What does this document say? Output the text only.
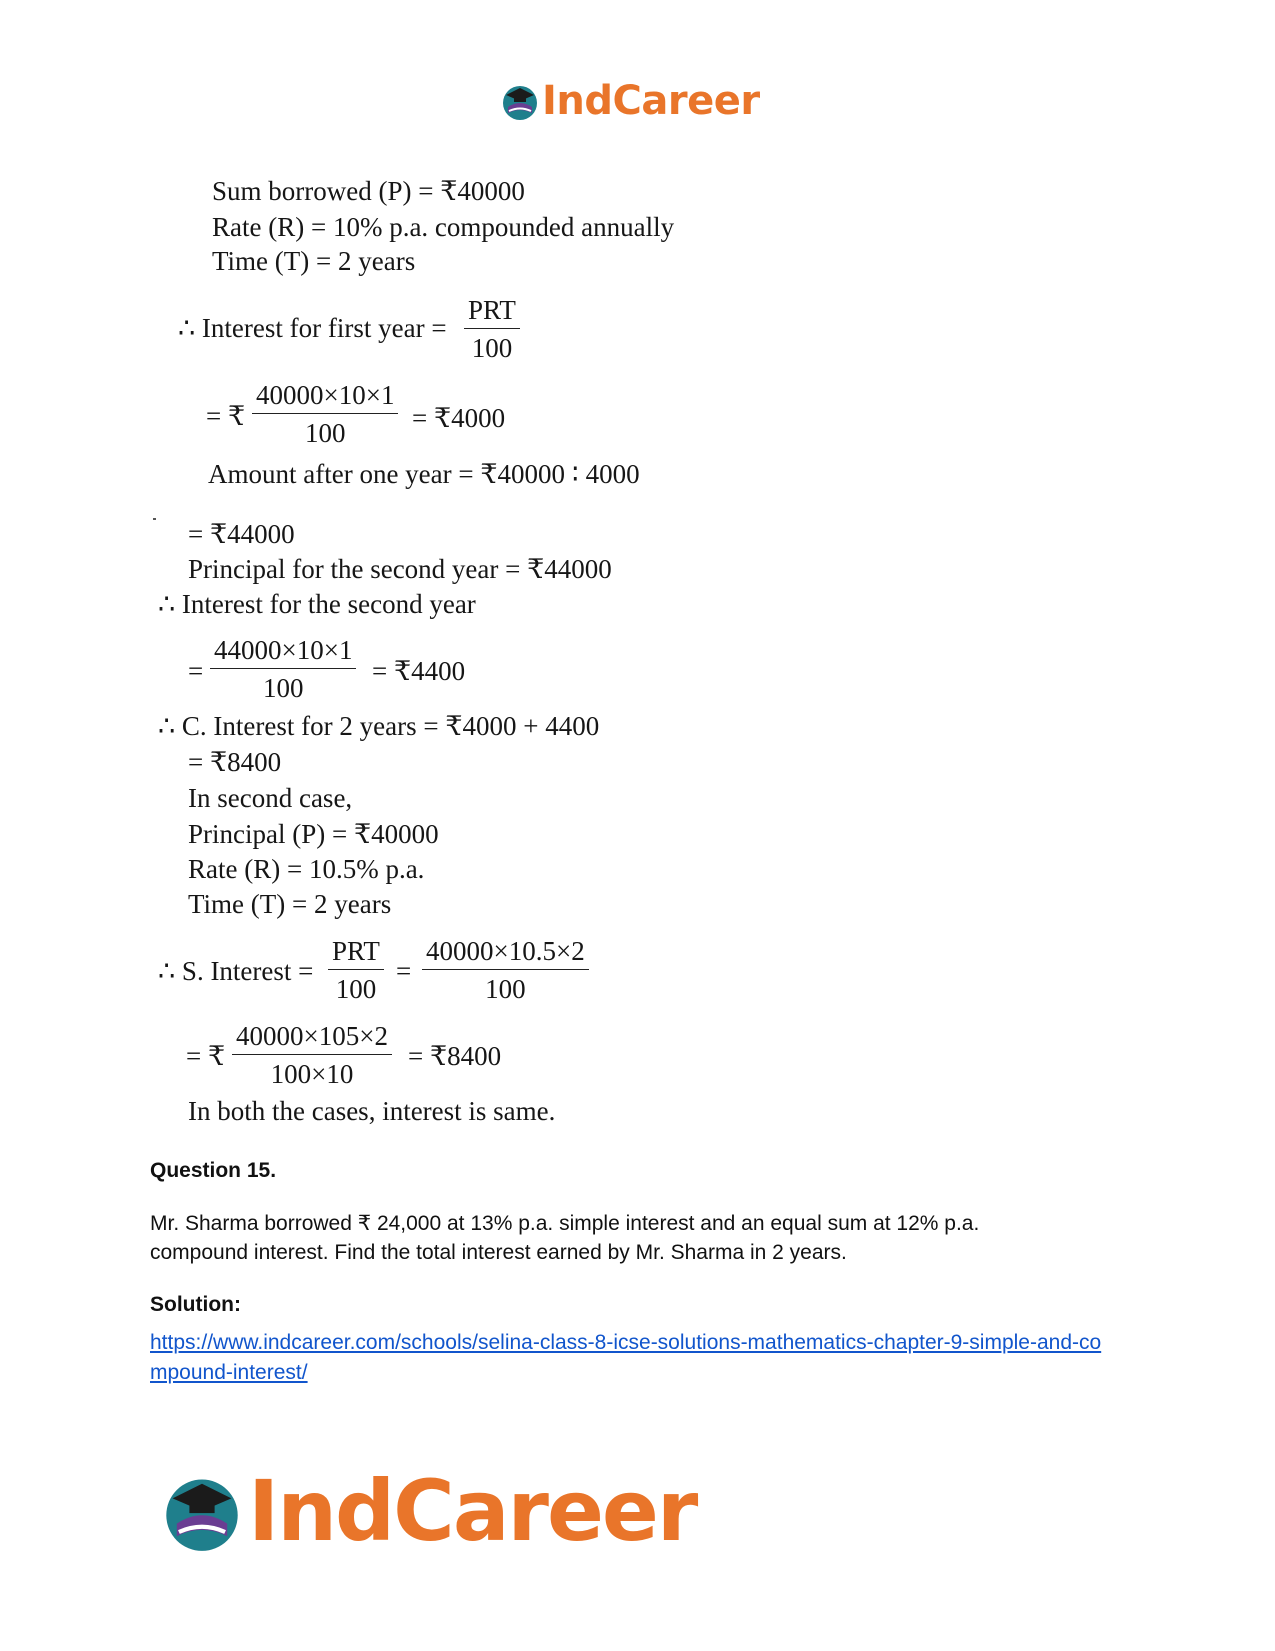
IndCareer
Sum borrowed (P) = ₹40000
Rate (R) = 10% p.a. compounded annually
Time (T) = 2 years
∴ Interest for first year = $\frac{\text{PRT}}{100}$
= ₹ $\frac{40000\times 10\times 1}{100}$ = ₹4000
Amount after one year = ₹40000 ∶ 4000
= ₹44000
Principal for the second year = ₹44000
∴ Interest for the second year
= $\frac{44000\times 10\times 1}{100}$ = ₹4400
∴ C. Interest for 2 years = ₹4000 + 4400
= ₹8400
In second case,
Principal (P) = ₹40000
Rate (R) = 10.5% p.a.
Time (T) = 2 years
∴ S. Interest = $\frac{\text{PRT}}{100} = \frac{40000\times 10.5\times 2}{100}$
= ₹ $\frac{40000\times 105\times 2}{100\times 10}$ = ₹8400
In both the cases, interest is same.
Question 15.
Mr. Sharma borrowed ₹ 24,000 at 13% p.a. simple interest and an equal sum at 12% p.a.
compound interest. Find the total interest earned by Mr. Sharma in 2 years.
Solution:
https://www.indcareer.com/schools/selina-class-8-icse-solutions-mathematics-chapter-9-simple-and-compound-interest/
IndCareer
